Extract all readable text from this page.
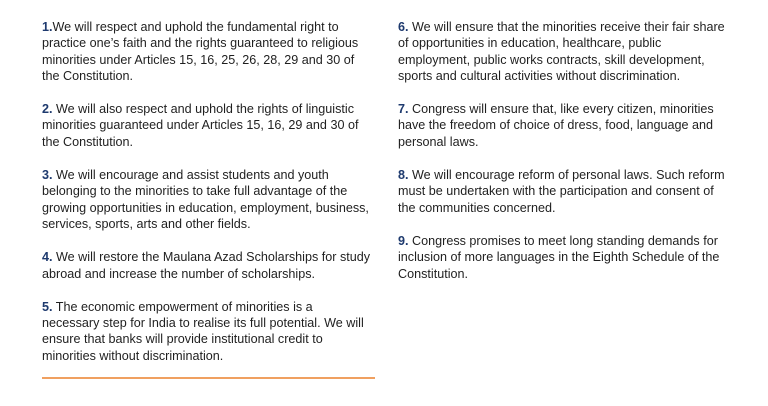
1.We will respect and uphold the fundamental right to practice one’s faith and the rights guaranteed to religious minorities under Articles 15, 16, 25, 26, 28, 29 and 30 of the Constitution.

2. We will also respect and uphold the rights of linguistic minorities guaranteed under Articles 15, 16, 29 and 30 of the Constitution.

3. We will encourage and assist students and youth belonging to the minorities to take full advantage of the growing opportunities in education, employment, business, services, sports, arts and other fields.

4. We will restore the Maulana Azad Scholarships for study abroad and increase the number of scholarships.

5. The economic empowerment of minorities is a necessary step for India to realise its full potential. We will ensure that banks will provide institutional credit to minorities without discrimination.

6. We will ensure that the minorities receive their fair share of opportunities in education, healthcare, public employment, public works contracts, skill development, sports and cultural activities without discrimination.

7. Congress will ensure that, like every citizen, minorities have the freedom of choice of dress, food, language and personal laws.

8. We will encourage reform of personal laws. Such reform must be undertaken with the participation and consent of the communities concerned.

9. Congress promises to meet long standing demands for inclusion of more languages in the Eighth Schedule of the Constitution.
